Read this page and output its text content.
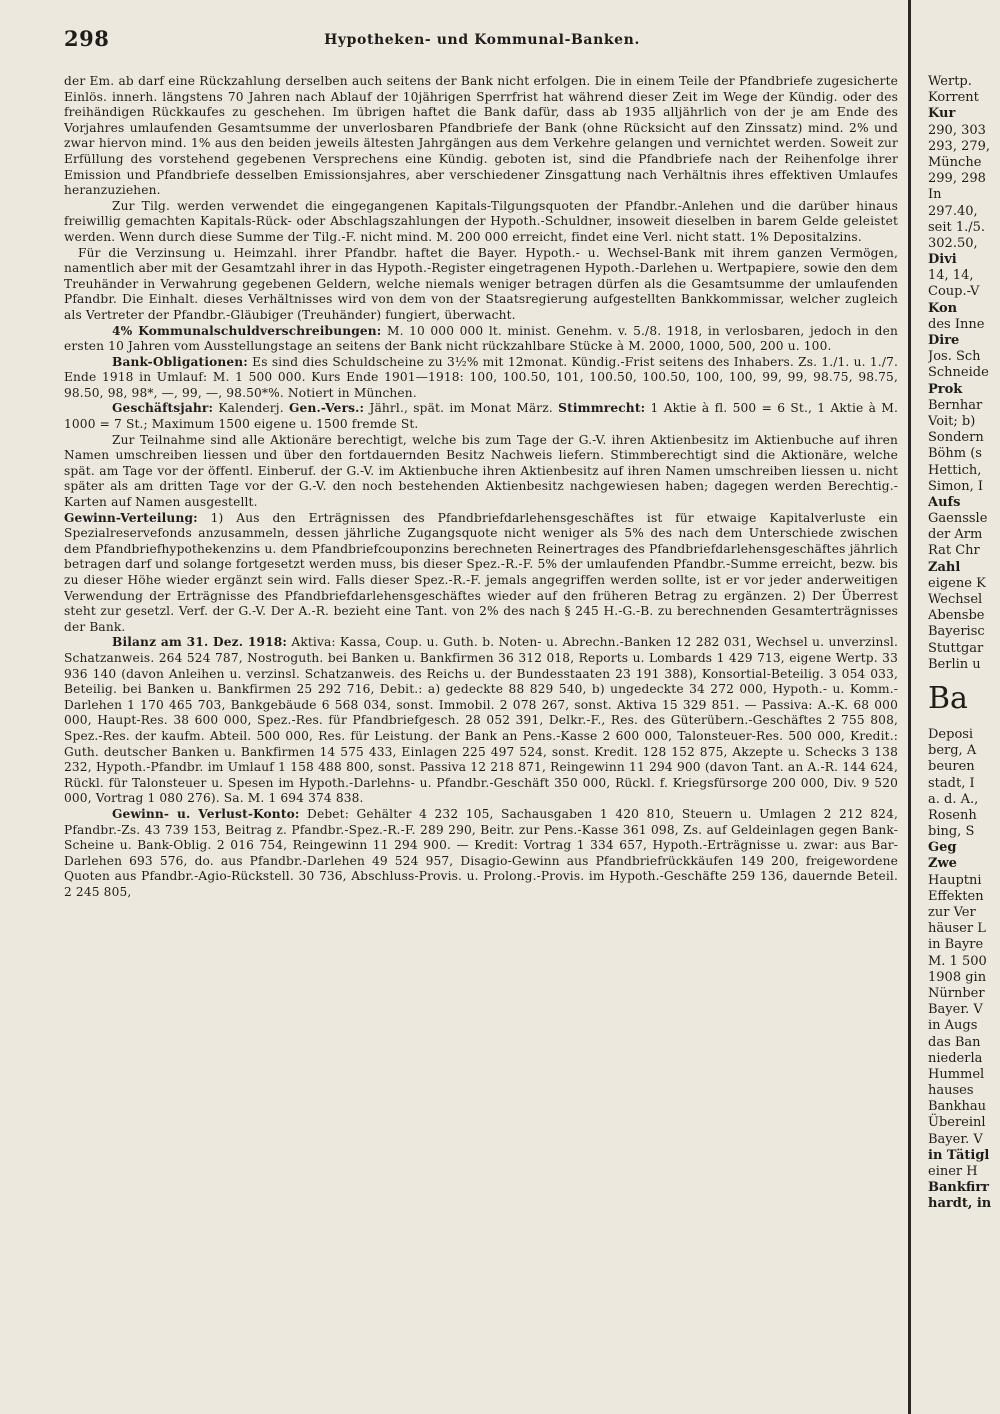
298	Hypotheken- und Kommunal-Banken.

der Em. ab darf eine Rückzahlung derselben auch seitens der Bank nicht erfolgen. Die in einem Teile der Pfandbriefe zugesicherte Einlös. innerh. längstens 70 Jahren nach Ablauf der 10jährigen Sperrfrist hat während dieser Zeit im Wege der Kündig. oder des freihändigen Rückkaufes zu geschehen. Im übrigen haftet die Bank dafür, dass ab 1935 alljährlich von der je am Ende des Vorjahres umlaufenden Gesamtsumme der unverlosbaren Pfandbriefe der Bank (ohne Rücksicht auf den Zinssatz) mind. 2% und zwar hiervon mind. 1% aus den beiden jeweils ältesten Jahrgängen aus dem Verkehre gelangen und vernichtet werden. Soweit zur Erfüllung des vorstehend gegebenen Versprechens eine Kündig. geboten ist, sind die Pfandbriefe nach der Reihenfolge ihrer Emission und Pfandbriefe desselben Emissionsjahres, aber verschiedener Zinsgattung nach Verhältnis ihres effektiven Umlaufes heranzuziehen.

Zur Tilg. werden verwendet die eingegangenen Kapitals-Tilgungsquoten der Pfandbr.-Anlehen und die darüber hinaus freiwillig gemachten Kapitals-Rück- oder Abschlagszahlungen der Hypoth.-Schuldner, insoweit dieselben in barem Gelde geleistet werden. Wenn durch diese Summe der Tilg.-F. nicht mind. M. 200 000 erreicht, findet eine Verl. nicht statt. 1% Depositalzins.

Für die Verzinsung u. Heimzahl. ihrer Pfandbr. haftet die Bayer. Hypoth.- u. Wechsel-Bank mit ihrem ganzen Vermögen, namentlich aber mit der Gesamtzahl ihrer in das Hypoth.-Register eingetragenen Hypoth.-Darlehen u. Wertpapiere, sowie den dem Treuhänder in Verwahrung gegebenen Geldern, welche niemals weniger betragen dürfen als die Gesamtsumme der umlaufenden Pfandbr. Die Einhalt. dieses Verhältnisses wird von dem von der Staatsregierung aufgestellten Bankkommissar, welcher zugleich als Vertreter der Pfandbr.-Gläubiger (Treuhänder) fungiert, überwacht.

4% Kommunalschuldverschreibungen: M. 10 000 000 lt. minist. Genehm. v. 5./8. 1918, in verlosbaren, jedoch in den ersten 10 Jahren vom Ausstellungstage an seitens der Bank nicht rückzahlbare Stücke à M. 2000, 1000, 500, 200 u. 100.

Bank-Obligationen: Es sind dies Schuldscheine zu 3½% mit 12monat. Kündig.-Frist seitens des Inhabers. Zs. 1./1. u. 1./7. Ende 1918 in Umlauf: M. 1 500 000. Kurs Ende 1901—1918: 100, 100.50, 101, 100.50, 100.50, 100, 100, 99, 99, 98.75, 98.75, 98.50, 98, 98*, —, 99, —, 98.50*%. Notiert in München.

Geschäftsjahr: Kalenderj. Gen.-Vers.: Jährl., spät. im Monat März. Stimmrecht: 1 Aktie à fl. 500 = 6 St., 1 Aktie à M. 1000 = 7 St.; Maximum 1500 eigene u. 1500 fremde St.

Zur Teilnahme sind alle Aktionäre berechtigt, welche bis zum Tage der G.-V. ihren Aktienbesitz im Aktienbuche auf ihren Namen umschreiben liessen und über den fortdauernden Besitz Nachweis liefern. Stimmberechtigt sind die Aktionäre, welche spät. am Tage vor der öffentl. Einberuf. der G.-V. im Aktienbuche ihren Aktienbesitz auf ihren Namen umschreiben liessen u. nicht später als am dritten Tage vor der G.-V. den noch bestehenden Aktienbesitz nachgewiesen haben; dagegen werden Berechtig.-Karten auf Namen ausgestellt.

Gewinn-Verteilung: 1) Aus den Erträgnissen des Pfandbriefdarlehensgeschäftes ist für etwaige Kapitalverluste ein Spezialreservefonds anzusammeln, dessen jährliche Zugangsquote nicht weniger als 5% des nach dem Unterschiede zwischen dem Pfandbriefhypothekenzins u. dem Pfandbriefcouponzins berechneten Reinertrages des Pfandbriefdarlehensgeschäftes jährlich betragen darf und solange fortgesetzt werden muss, bis dieser Spez.-R.-F. 5% der umlaufenden Pfandbr.-Summe erreicht, bezw. bis zu dieser Höhe wieder ergänzt sein wird. Falls dieser Spez.-R.-F. jemals angegriffen werden sollte, ist er vor jeder anderweitigen Verwendung der Erträgnisse des Pfandbriefdarlehensgeschäftes wieder auf den früheren Betrag zu ergänzen. 2) Der Überrest steht zur gesetzl. Verf. der G.-V. Der A.-R. bezieht eine Tant. von 2% des nach § 245 H.-G.-B. zu berechnenden Gesamterträgnisses der Bank.

Bilanz am 31. Dez. 1918: Aktiva: Kassa, Coup. u. Guth. b. Noten- u. Abrechn.-Banken 12 282 031, Wechsel u. unverzinsl. Schatzanweis. 264 524 787, Nostroguth. bei Banken u. Bankfirmen 36 312 018, Reports u. Lombards 1 429 713, eigene Wertp. 33 936 140 (davon Anleihen u. verzinsl. Schatzanweis. des Reichs u. der Bundesstaaten 23 191 388), Konsortial-Beteilig. 3 054 033, Beteilig. bei Banken u. Bankfirmen 25 292 716, Debit.: a) gedeckte 88 829 540, b) ungedeckte 34 272 000, Hypoth.- u. Komm.-Darlehen 1 170 465 703, Bankgebäude 6 568 034, sonst. Immobil. 2 078 267, sonst. Aktiva 15 329 851. — Passiva: A.-K. 68 000 000, Haupt-Res. 38 600 000, Spez.-Res. für Pfandbriefgesch. 28 052 391, Delkr.-F., Res. des Güterübern.-Geschäftes 2 755 808, Spez.-Res. der kaufm. Abteil. 500 000, Res. für Leistung. der Bank an Pens.-Kasse 2 600 000, Talonsteuer-Res. 500 000, Kredit.: Guth. deutscher Banken u. Bankfirmen 14 575 433, Einlagen 225 497 524, sonst. Kredit. 128 152 875, Akzepte u. Schecks 3 138 232, Hypoth.-Pfandbr. im Umlauf 1 158 488 800, sonst. Passiva 12 218 871, Reingewinn 11 294 900 (davon Tant. an A.-R. 144 624, Rückl. für Talonsteuer u. Spesen im Hypoth.-Darlehns- u. Pfandbr.-Geschäft 350 000, Rückl. f. Kriegsfürsorge 200 000, Div. 9 520 000, Vortrag 1 080 276). Sa. M. 1 694 374 838.

Gewinn- u. Verlust-Konto: Debet: Gehälter 4 232 105, Sachausgaben 1 420 810, Steuern u. Umlagen 2 212 824, Pfandbr.-Zs. 43 739 153, Beitrag z. Pfandbr.-Spez.-R.-F. 289 290, Beitr. zur Pens.-Kasse 361 098, Zs. auf Geldeinlagen gegen Bank-Scheine u. Bank-Oblig. 2 016 754, Reingewinn 11 294 900. — Kredit: Vortrag 1 334 657, Hypoth.-Erträgnisse u. zwar: aus Bar-Darlehen 693 576, do. aus Pfandbr.-Darlehen 49 524 957, Disagio-Gewinn aus Pfandbriefrückkäufen 149 200, freigewordene Quoten aus Pfandbr.-Agio-Rückstell. 30 736, Abschluss-Provis. u. Prolong.-Provis. im Hypoth.-Geschäfte 259 136, dauernde Beteil. 2 245 805,

Wertp.
Korrent
Kur
290, 303
293, 279,
Münche
299, 298
In
297.40,
seit 1./5.
302.50,
Divi
14, 14,
Coup.-V
Kon
des Inne
Dire
Jos. Sch
Schneide
Prok
Bernhar
Voit; b)
Sondern
Böhm (s
Hettich,
Simon, I
Aufs
Gaenssle
der Arm
Rat Chr
Zahl
eigene K
Wechsel
Abensbe
Bayerisc
Stuttgar
Berlin u
Ba
Deposi
berg, A
beuren
stadt, I
a. d. A.,
Rosenh
bing, S
Geg
Zwe
Hauptni
Effekten
zur Ver
häuser L
in Bayre
M. 1 500
1908 gin
Nürnber
Bayer. V
in Augs
das Ban
niederla
Hummel
hauses
Bankhau
Übereinl
Bayer. V
in Tätigl
einer H
Bankfirr
hardt, in
